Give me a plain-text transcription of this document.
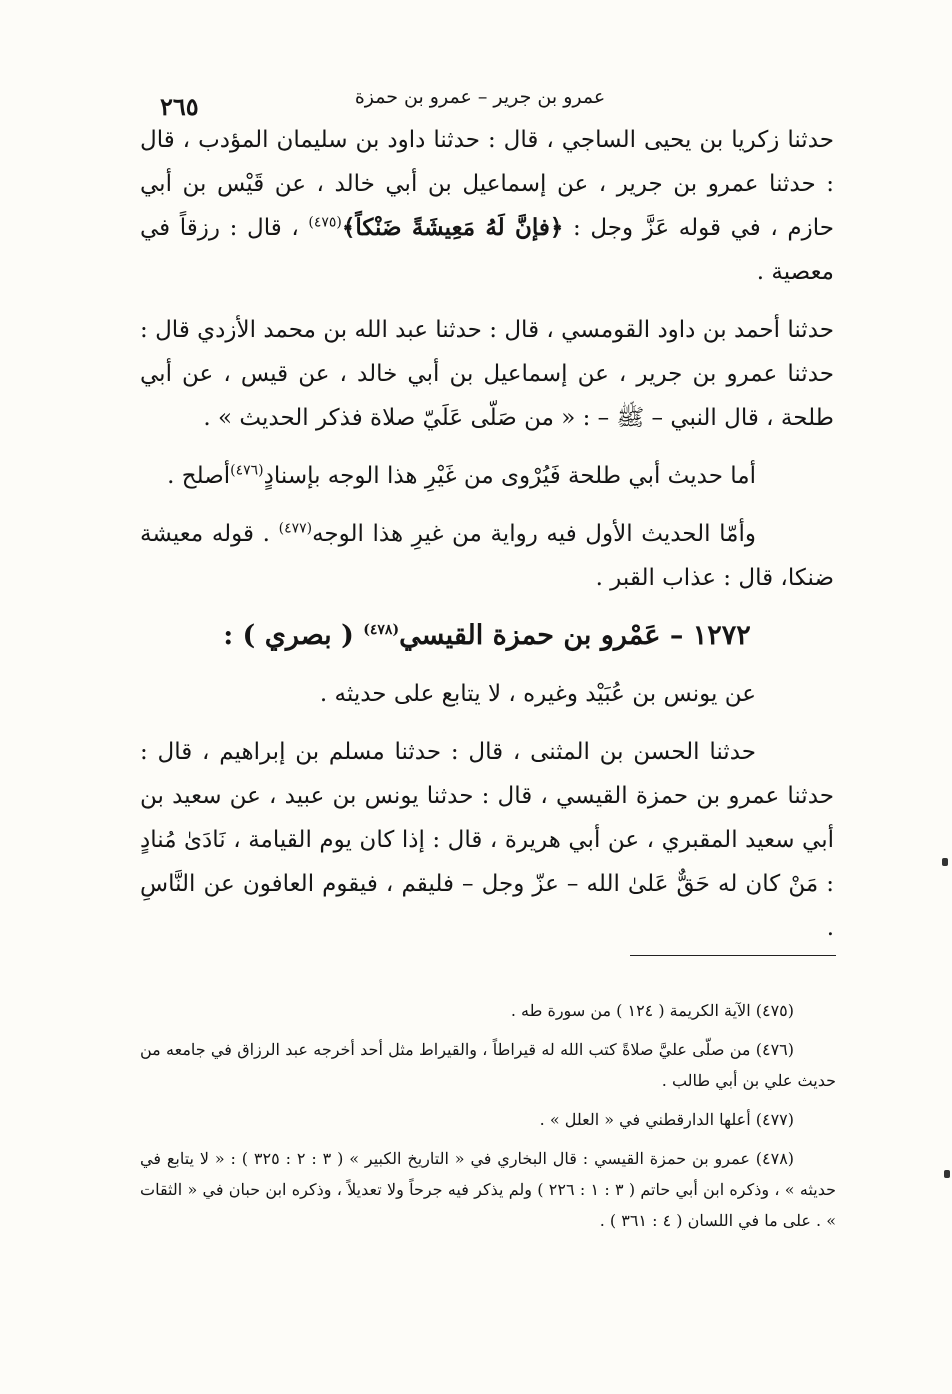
عمرو بن جرير – عمرو بن حمزة
٢٦٥

حدثنا زكريا بن يحيى الساجي ، قال : حدثنا داود بن سليمان المؤدب ، قال : حدثنا عمرو بن جرير ، عن إسماعيل بن أبي خالد ، عن قَيْس بن أبي حازم ، في قوله عَزَّ وجل : ﴿فإنَّ لَهُ مَعِيشَةً ضَنْكاً﴾$^{(٤٧٥)}$ ، قال : رزقاً في معصية .

حدثنا أحمد بن داود القومسي ، قال : حدثنا عبد الله بن محمد الأزدي قال : حدثنا عمرو بن جرير ، عن إسماعيل بن أبي خالد ، عن قيس ، عن أبي طلحة ، قال النبي – ﷺ – : « من صَلّى عَلَيّ صلاة فذكر الحديث » .

أما حديث أبي طلحة فَيُرْوى من غَيْرِ هذا الوجه بإسنادٍ$^{(٤٧٦)}$أصلح .

وأمّا الحديث الأول فيه رواية من غيرِ هذا الوجه$^{(٤٧٧)}$ . قوله معيشة ضنكا، قال : عذاب القبر .

١٢٧٢ – عَمْرو بن حمزة القيسي$^{(٤٧٨)}$ ( بصري ) :

عن يونس بن عُبَيْد وغيره ، لا يتابع على حديثه .

حدثنا الحسن بن المثنى ، قال : حدثنا مسلم بن إبراهيم ، قال : حدثنا عمرو بن حمزة القيسي ، قال : حدثنا يونس بن عبيد ، عن سعيد بن أبي سعيد المقبري ، عن أبي هريرة ، قال : إذا كان يوم القيامة ، نَادَىٰ مُنادٍ : مَنْ كان له حَقٌّ عَلىٰ الله – عزّ وجل – فليقم ، فيقوم العافون عن النَّاسِ .

(٤٧٥) الآية الكريمة ( ١٢٤ ) من سورة طه .

(٤٧٦) من صلّى عليَّ صلاةً كتب الله له قيراطاً ، والقيراط مثل أحد أخرجه عبد الرزاق في جامعه من حديث علي بن أبي طالب .

(٤٧٧) أعلها الدارقطني في « العلل » .

(٤٧٨) عمرو بن حمزة القيسي : قال البخاري في « التاريخ الكبير » ( ٣ : ٢ : ٣٢٥ ) : « لا يتابع في حديثه » ، وذكره ابن أبي حاتم ( ٣ : ١ : ٢٢٦ ) ولم يذكر فيه جرحاً ولا تعديلاً ، وذكره ابن حبان في « الثقات » . على ما في اللسان ( ٤ : ٣٦١ ) .
